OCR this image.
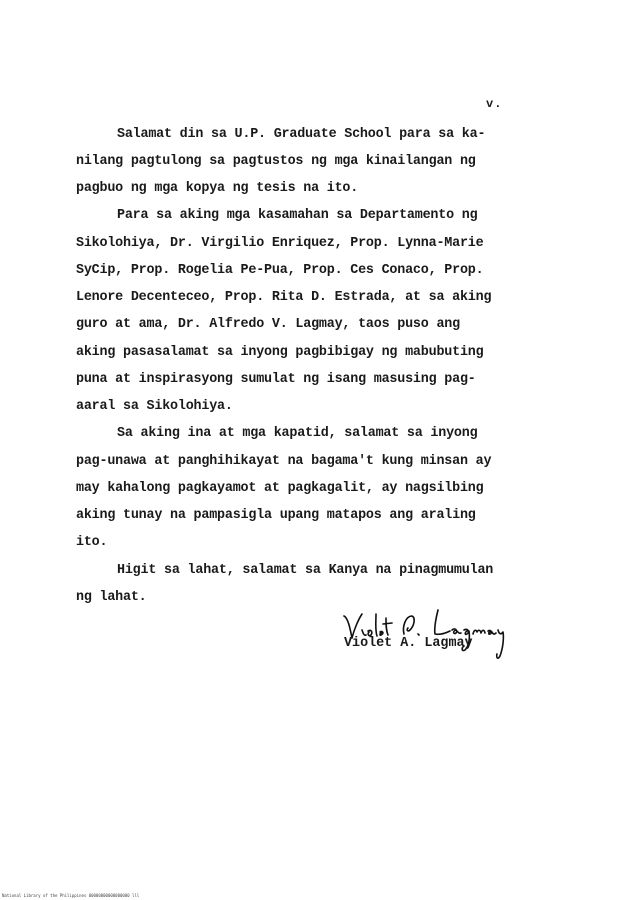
v.
Salamat din sa U.P. Graduate School para sa ka-
nilang pagtulong sa pagtustos ng mga kinailangan ng
pagbuo ng mga kopya ng tesis na ito.
Para sa aking mga kasamahan sa Departamento ng
Sikolohiya, Dr. Virgilio Enriquez, Prop. Lynna-Marie
SyCip, Prop. Rogelia Pe-Pua, Prop. Ces Conaco, Prop.
Lenore Decenteceo, Prop. Rita D. Estrada, at sa aking
guro at ama, Dr. Alfredo V. Lagmay, taos puso ang
aking pasasalamat sa inyong pagbibigay ng mabubuting
puna at inspirasyong sumulat ng isang masusing pag-
aaral sa Sikolohiya.
Sa aking ina at mga kapatid, salamat sa inyong
pag-unawa at panghihikayat na bagama't kung minsan ay
may kahalong pagkayamot at pagkagalit, ay nagsilbing
aking tunay na pampasigla upang matapos ang araling
ito.
Higit sa lahat, salamat sa Kanya na pinagmumulan
ng lahat.
Violet A. Lagmay
National Library of the Philippines 00000000000000000 lll
